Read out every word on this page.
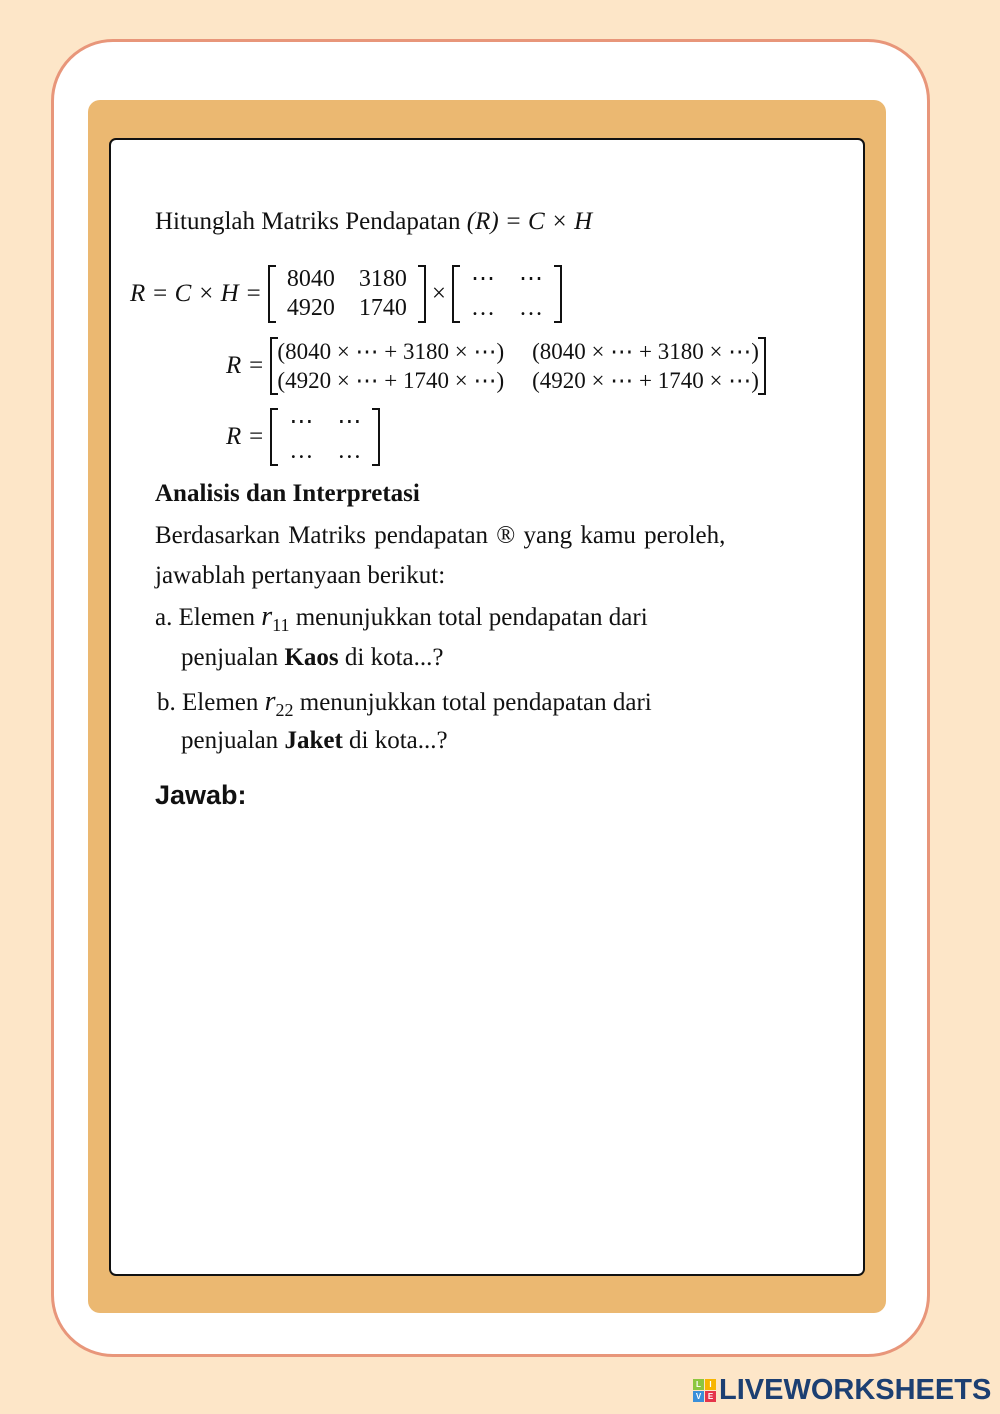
Hitunglah Matriks Pendapatan (R) = C × H
R = C × H =
8040	3180
4920	1740
×
⋯	⋯
…	…
R =
(8040 × ⋯ + 3180 × ⋯)	(8040 × ⋯ + 3180 × ⋯)
(4920 × ⋯ + 1740 × ⋯)	(4920 × ⋯ + 1740 × ⋯)
R =
⋯	⋯
…	…
Analisis dan Interpretasi
Berdasarkan Matriks pendapatan ® yang kamu peroleh,
jawablah pertanyaan berikut:
a. Elemen $r_{11}$ menunjukkan total pendapatan dari
penjualan Kaos di kota...?
b. Elemen $r_{22}$ menunjukkan total pendapatan dari
penjualan Jaket di kota...?
Jawab:
L	I
V E LIVEWORKSHEETS
